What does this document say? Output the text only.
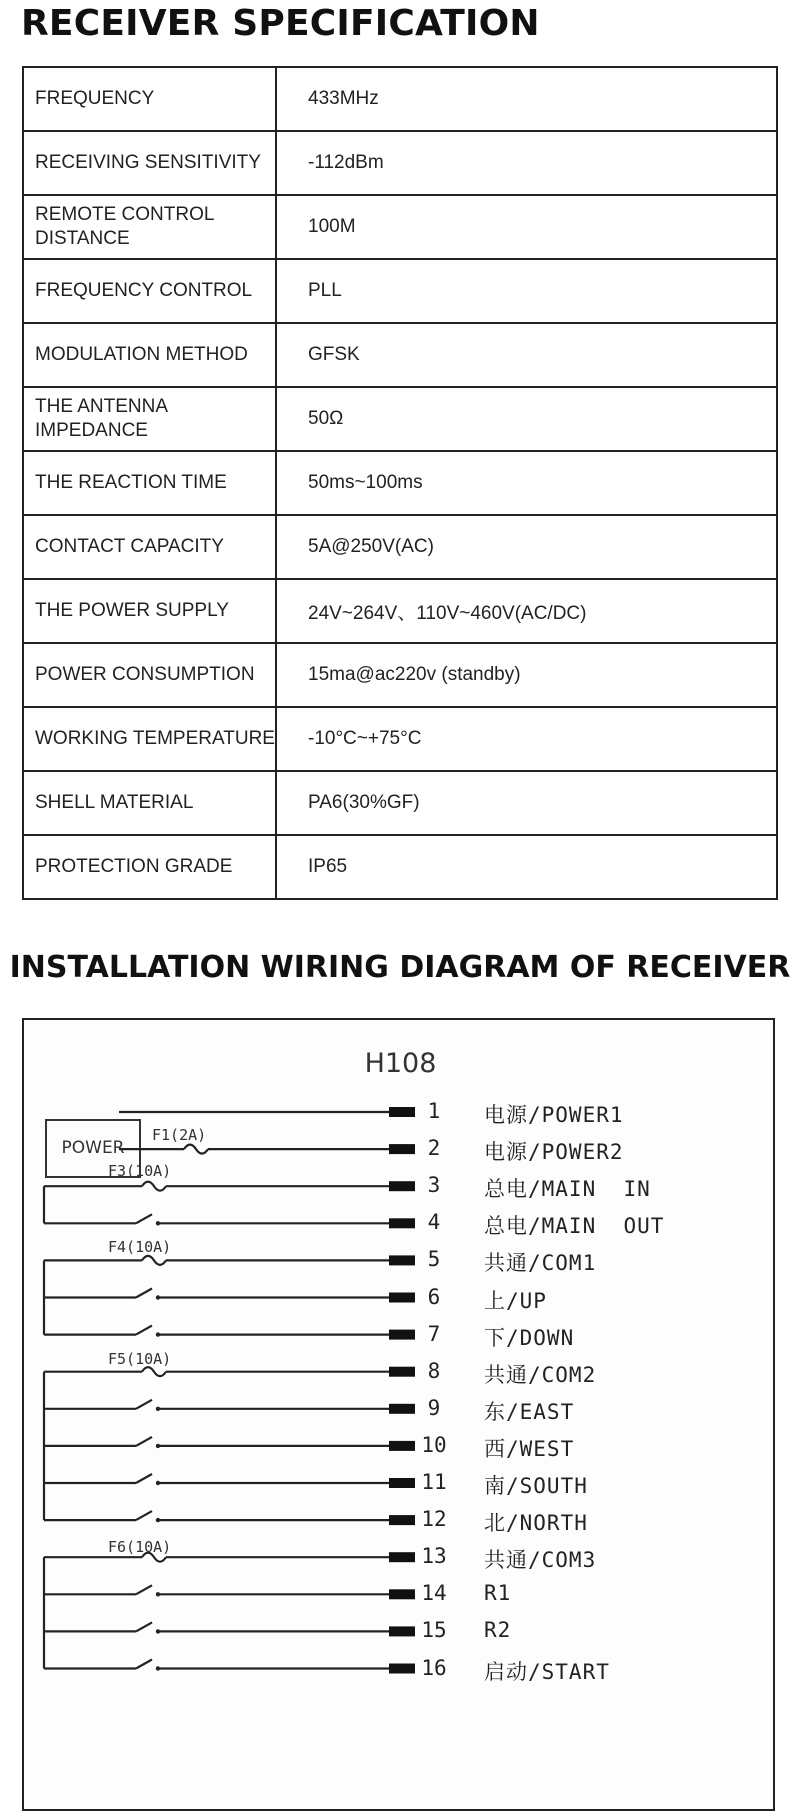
RECEIVER SPECIFICATION
FREQUENCY	433MHz
RECEIVING SENSITIVITY	-112dBm
REMOTE CONTROL DISTANCE	100M
FREQUENCY CONTROL	PLL
MODULATION METHOD	GFSK
THE ANTENNA IMPEDANCE	50Ω
THE REACTION TIME	50ms~100ms
CONTACT CAPACITY	5A@250V(AC)
THE POWER SUPPLY	24V~264V、110V~460V(AC/DC)
POWER CONSUMPTION	15ma@ac220v (standby)
WORKING TEMPERATURE	-10°C~+75°C
SHELL MATERIAL	PA6(30%GF)
PROTECTION GRADE	IP65
INSTALLATION WIRING DIAGRAM OF RECEIVER
H108
POWER
F1(2A)
F3(10A)
F4(10A)
F5(10A)
F6(10A)
1	电源/POWER1
2	电源/POWER2
3	总电/MAIN  IN
4	总电/MAIN  OUT
5	共通/COM1
6	上/UP
7	下/DOWN
8	共通/COM2
9	东/EAST
10	西/WEST
11	南/SOUTH
12	北/NORTH
13	共通/COM3
14	R1
15	R2
16	启动/START
